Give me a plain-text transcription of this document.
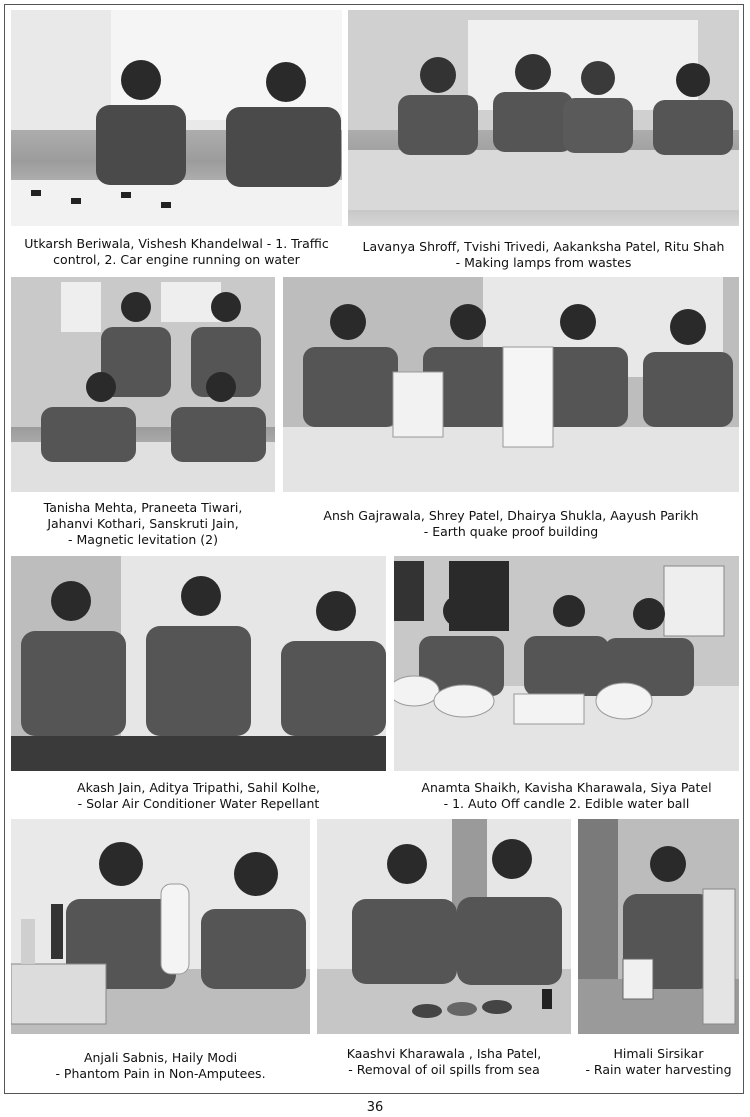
Utkarsh Beriwala, Vishesh Khandelwal - 1. Traffic
control, 2. Car engine running on water
Lavanya Shroff, Tvishi Trivedi, Aakanksha Patel, Ritu Shah
- Making lamps from wastes
Tanisha Mehta, Praneeta Tiwari,
Jahanvi Kothari, Sanskruti Jain,
- Magnetic levitation (2)
Ansh Gajrawala, Shrey Patel, Dhairya Shukla, Aayush Parikh
- Earth quake proof building
Akash Jain, Aditya Tripathi, Sahil Kolhe,
- Solar Air Conditioner Water Repellant
Anamta Shaikh, Kavisha Kharawala, Siya Patel
- 1. Auto Off candle 2. Edible water ball
Anjali Sabnis, Haily Modi
- Phantom Pain in Non-Amputees.
Kaashvi Kharawala , Isha Patel,
- Removal of oil spills from sea
Himali Sirsikar
- Rain water harvesting
36
